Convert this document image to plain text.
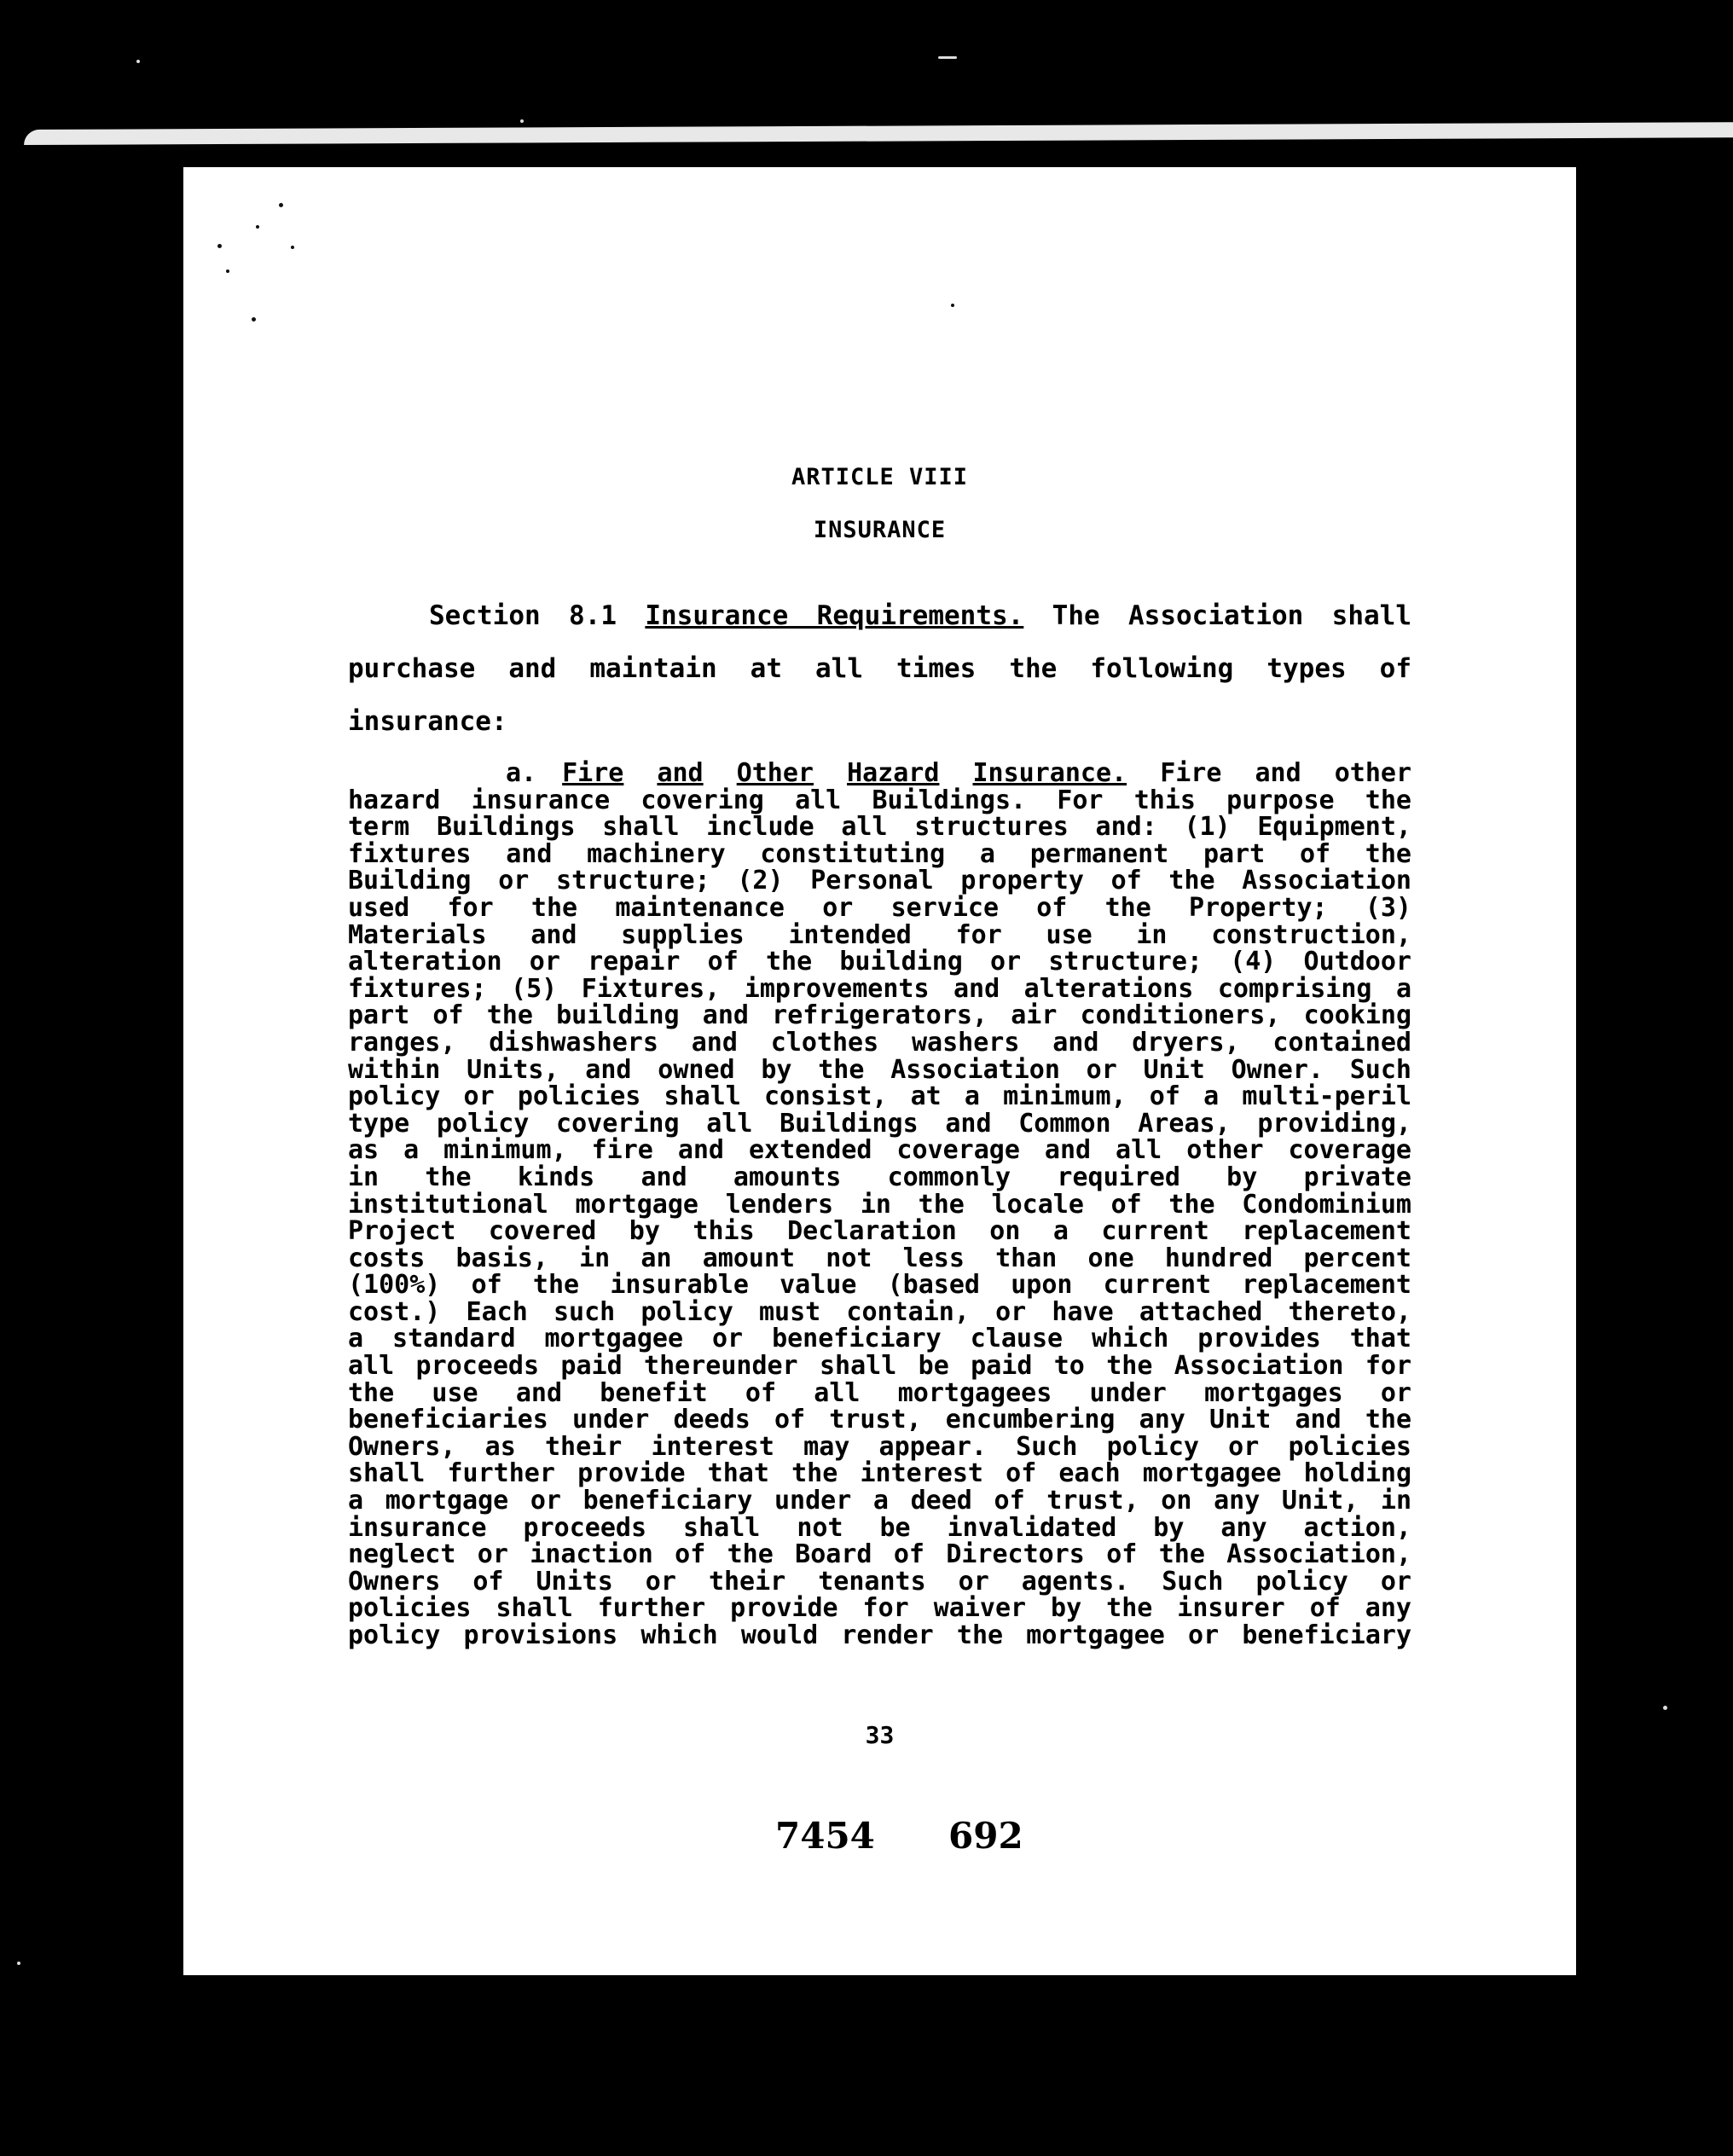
ARTICLE VIII
INSURANCE

Section 8.1 Insurance Requirements. The Association shall purchase and maintain at all times the following types of insurance:

a. Fire and Other Hazard Insurance. Fire and other

hazard insurance covering all Buildings. For this purpose the

term Buildings shall include all structures and: (1) Equipment,

fixtures and machinery constituting a permanent part of the

Building or structure; (2) Personal property of the Association

used for the maintenance or service of the Property; (3)

Materials and supplies intended for use in construction,

alteration or repair of the building or structure; (4) Outdoor

fixtures; (5) Fixtures, improvements and alterations comprising a

part of the building and refrigerators, air conditioners, cooking

ranges, dishwashers and clothes washers and dryers, contained

within Units, and owned by the Association or Unit Owner. Such

policy or policies shall consist, at a minimum, of a multi-peril

type policy covering all Buildings and Common Areas, providing,

as a minimum, fire and extended coverage and all other coverage

in the kinds and amounts commonly required by private

institutional mortgage lenders in the locale of the Condominium

Project covered by this Declaration on a current replacement

costs basis, in an amount not less than one hundred percent

(100%) of the insurable value (based upon current replacement

cost.) Each such policy must contain, or have attached thereto,

a standard mortgagee or beneficiary clause which provides that

all proceeds paid thereunder shall be paid to the Association for

the use and benefit of all mortgagees under mortgages or

beneficiaries under deeds of trust, encumbering any Unit and the

Owners, as their interest may appear. Such policy or policies

shall further provide that the interest of each mortgagee holding

a mortgage or beneficiary under a deed of trust, on any Unit, in

insurance proceeds shall not be invalidated by any action,

neglect or inaction of the Board of Directors of the Association,

Owners of Units or their tenants or agents. Such policy or

policies shall further provide for waiver by the insurer of any

policy provisions which would render the mortgagee or beneficiary

33
7454 692
